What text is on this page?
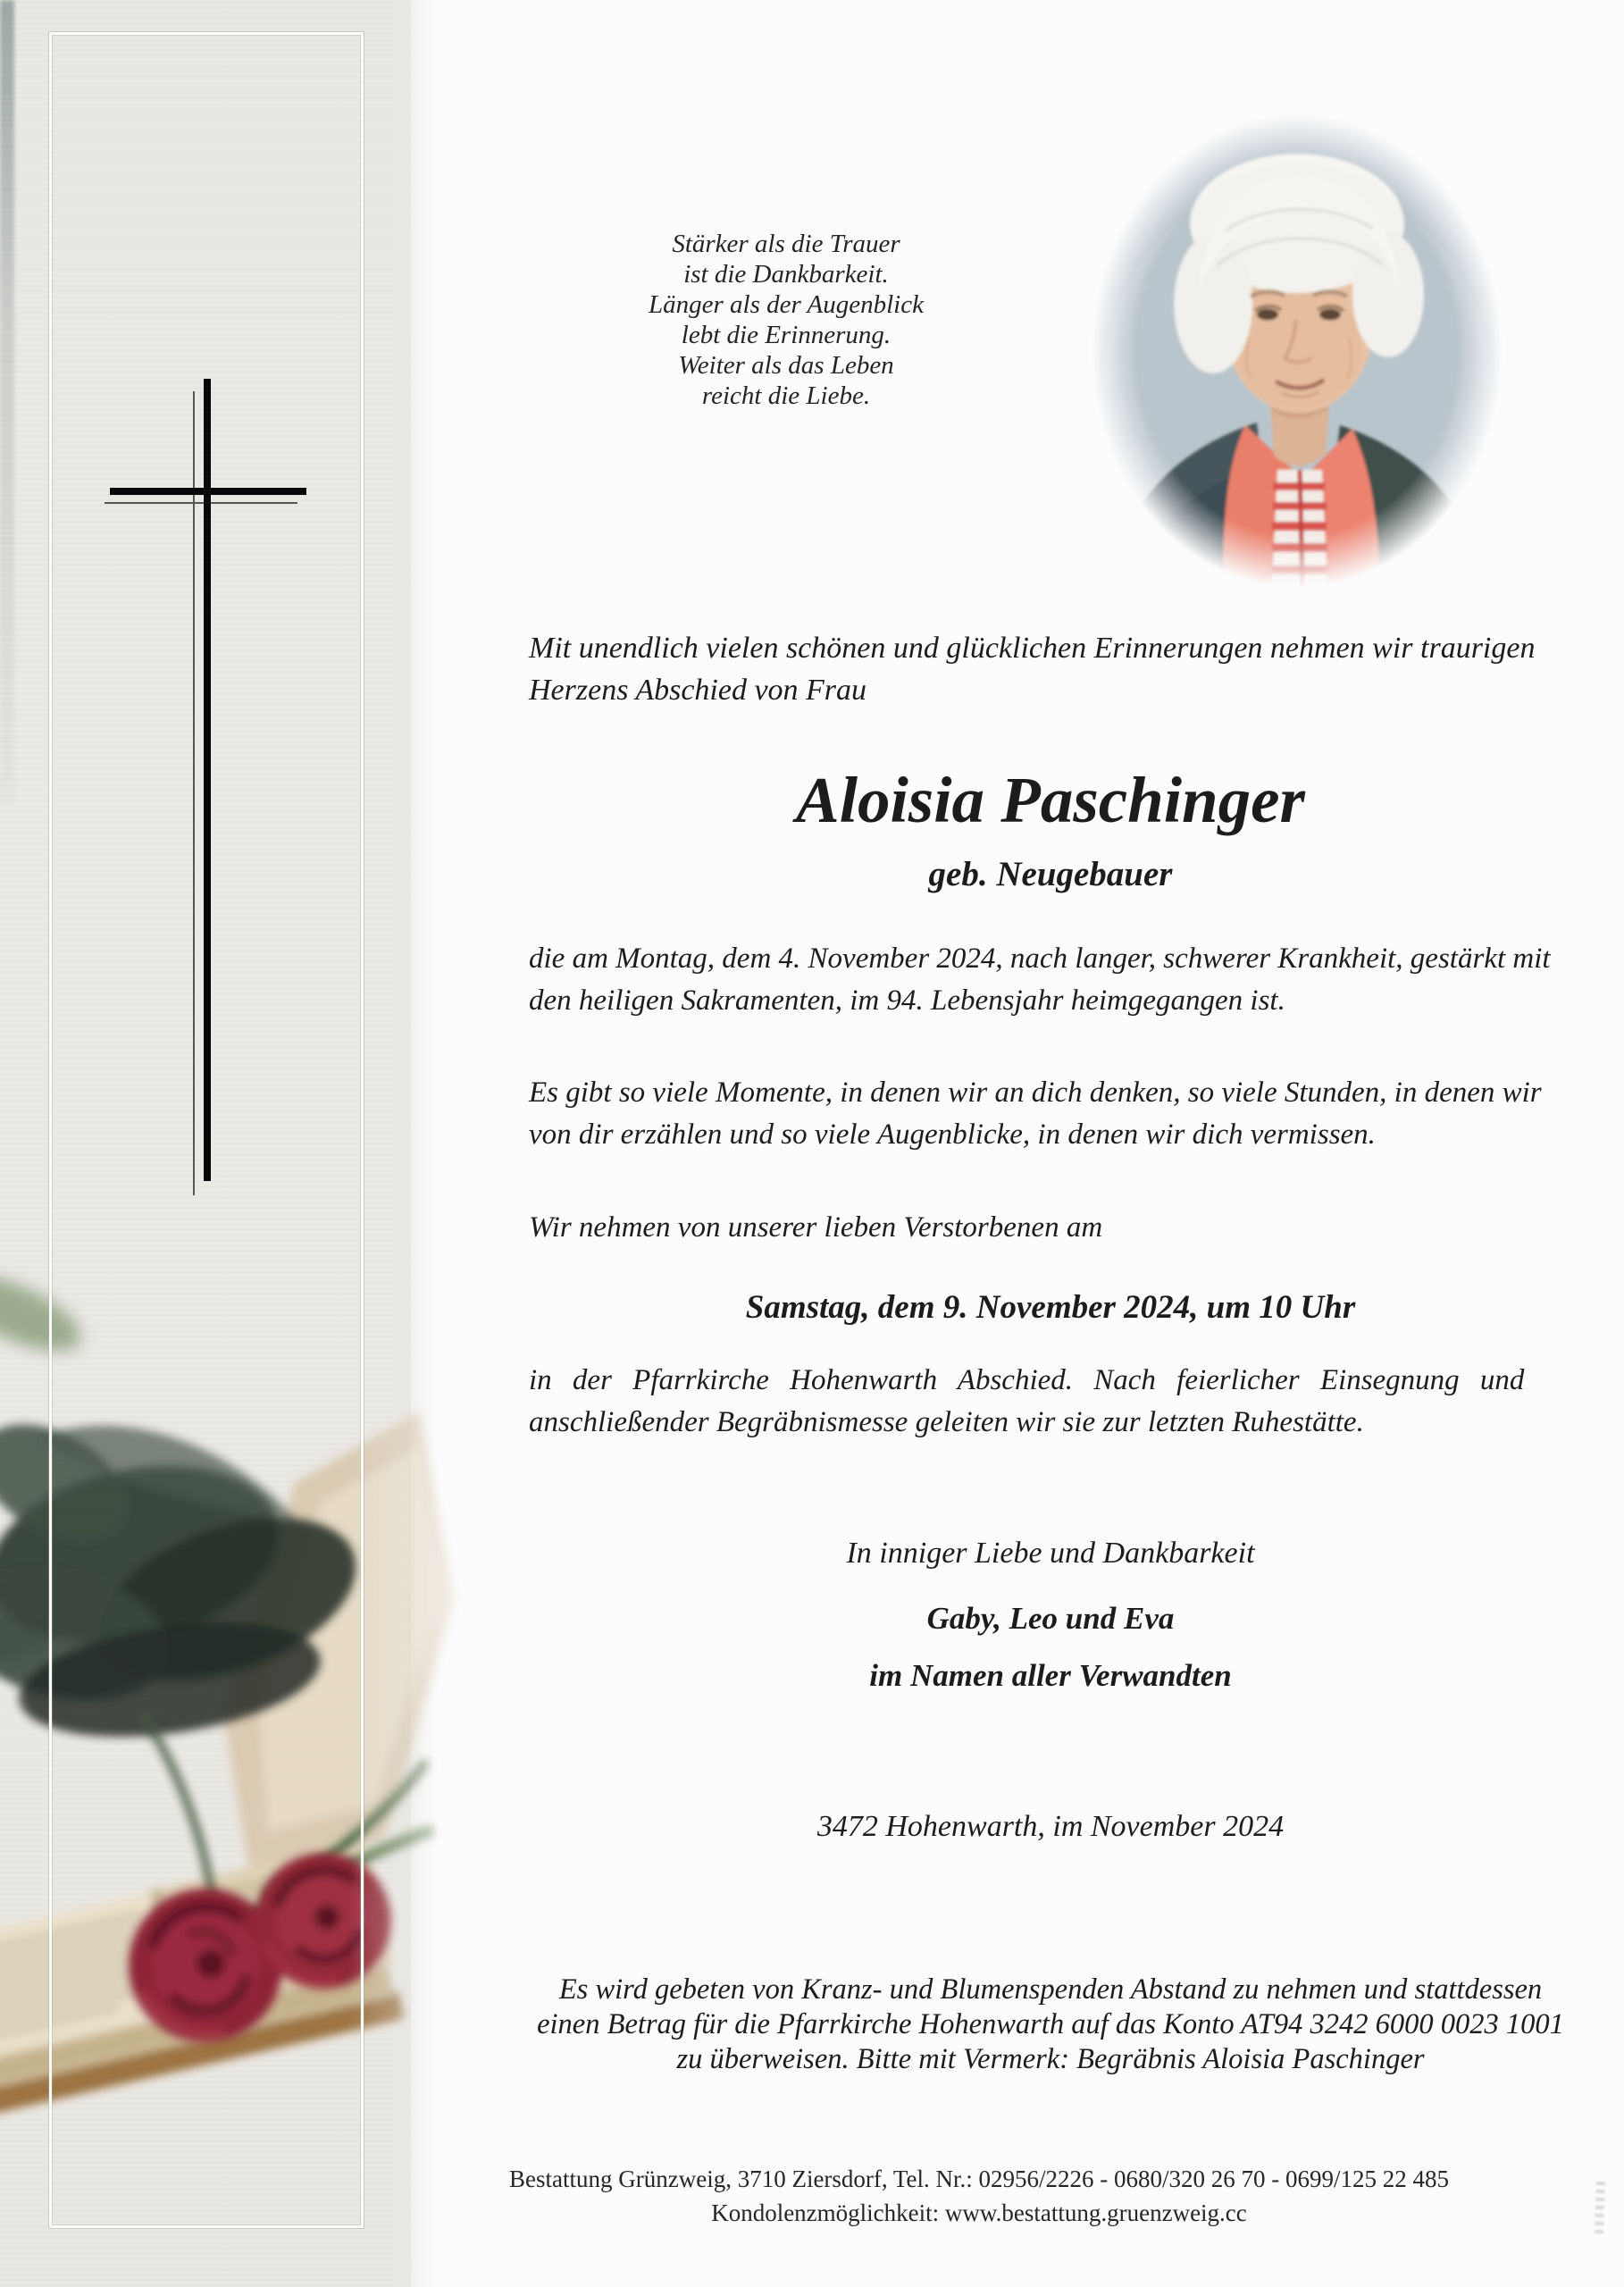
Stärker als die Trauer
ist die Dankbarkeit.
Länger als der Augenblick
lebt die Erinnerung.
Weiter als das Leben
reicht die Liebe.
Mit unendlich vielen schönen und glücklichen Erinnerungen nehmen wir traurigen
Herzens Abschied von Frau
Aloisia Paschinger
geb. Neugebauer
die am Montag, dem 4. November 2024, nach langer, schwerer Krankheit, gestärkt mit
den heiligen Sakramenten, im 94. Lebensjahr heimgegangen ist.
Es gibt so viele Momente, in denen wir an dich denken, so viele Stunden, in denen wir
von dir erzählen und so viele Augenblicke, in denen wir dich vermissen.
Wir nehmen von unserer lieben Verstorbenen am
Samstag, dem 9. November 2024, um 10 Uhr
in der Pfarrkirche Hohenwarth Abschied. Nach feierlicher Einsegnung und
anschließender Begräbnismesse geleiten wir sie zur letzten Ruhestätte.
In inniger Liebe und Dankbarkeit
Gaby, Leo und Eva
im Namen aller Verwandten
3472 Hohenwarth, im November 2024
Es wird gebeten von Kranz- und Blumenspenden Abstand zu nehmen und stattdessen
einen Betrag für die Pfarrkirche Hohenwarth auf das Konto AT94 3242 6000 0023 1001
zu überweisen. Bitte mit Vermerk: Begräbnis Aloisia Paschinger
Bestattung Grünzweig, 3710 Ziersdorf, Tel. Nr.: 02956/2226 - 0680/320 26 70 - 0699/125 22 485
Kondolenzmöglichkeit: www.bestattung.gruenzweig.cc
